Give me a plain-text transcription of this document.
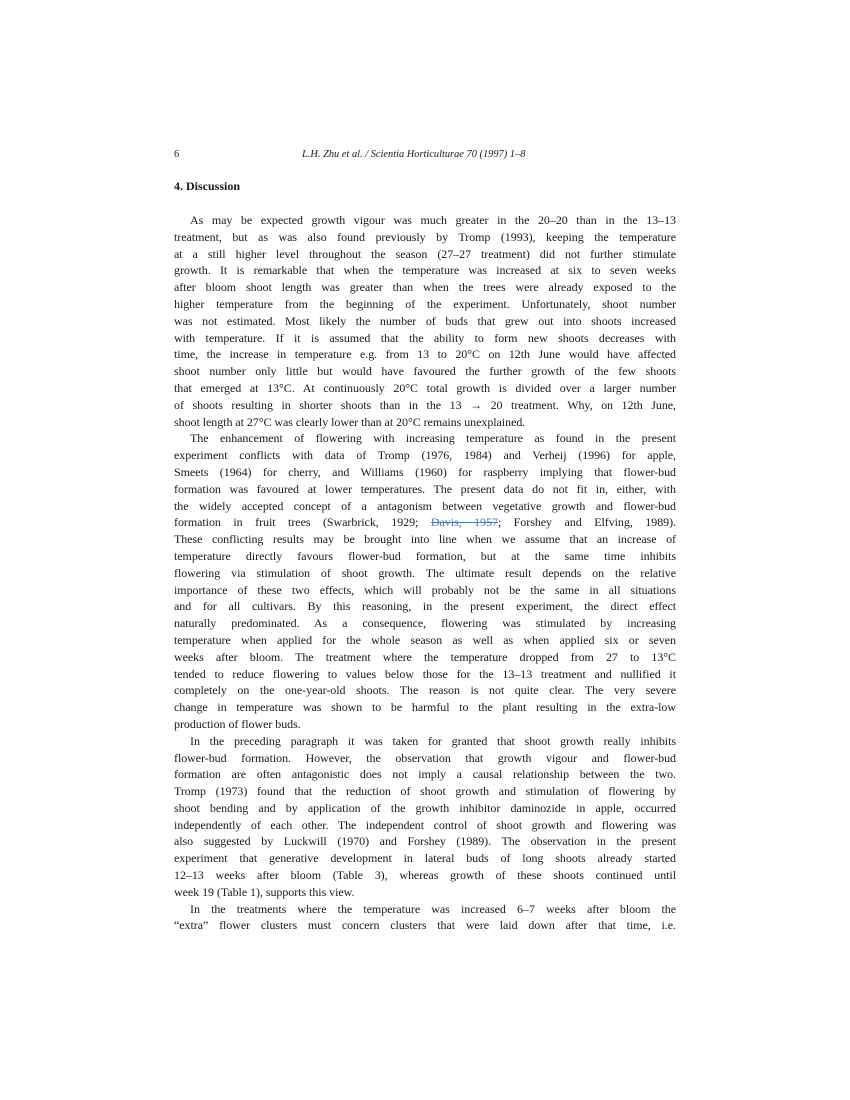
6	L.H. Zhu et al. / Scientia Horticulturae 70 (1997) 1–8
4. Discussion
As may be expected growth vigour was much greater in the 20–20 than in the 13–13
treatment, but as was also found previously by Tromp (1993), keeping the temperature
at a still higher level throughout the season (27–27 treatment) did not further stimulate
growth. It is remarkable that when the temperature was increased at six to seven weeks
after bloom shoot length was greater than when the trees were already exposed to the
higher temperature from the beginning of the experiment. Unfortunately, shoot number
was not estimated. Most likely the number of buds that grew out into shoots increased
with temperature. If it is assumed that the ability to form new shoots decreases with
time, the increase in temperature e.g. from 13 to 20°C on 12th June would have affected
shoot number only little but would have favoured the further growth of the few shoots
that emerged at 13°C. At continuously 20°C total growth is divided over a larger number
of shoots resulting in shorter shoots than in the 13 → 20 treatment. Why, on 12th June,
shoot length at 27°C was clearly lower than at 20°C remains unexplained.
The enhancement of flowering with increasing temperature as found in the present
experiment conflicts with data of Tromp (1976, 1984) and Verheij (1996) for apple,
Smeets (1964) for cherry, and Williams (1960) for raspberry implying that flower-bud
formation was favoured at lower temperatures. The present data do not fit in, either, with
the widely accepted concept of a antagonism between vegetative growth and flower-bud
formation in fruit trees (Swarbrick, 1929; Davis, 1957; Forshey and Elfving, 1989).
These conflicting results may be brought into line when we assume that an increase of
temperature directly favours flower-bud formation, but at the same time inhibits
flowering via stimulation of shoot growth. The ultimate result depends on the relative
importance of these two effects, which will probably not be the same in all situations
and for all cultivars. By this reasoning, in the present experiment, the direct effect
naturally predominated. As a consequence, flowering was stimulated by increasing
temperature when applied for the whole season as well as when applied six or seven
weeks after bloom. The treatment where the temperature dropped from 27 to 13°C
tended to reduce flowering to values below those for the 13–13 treatment and nullified it
completely on the one-year-old shoots. The reason is not quite clear. The very severe
change in temperature was shown to be harmful to the plant resulting in the extra-low
production of flower buds.
In the preceding paragraph it was taken for granted that shoot growth really inhibits
flower-bud formation. However, the observation that growth vigour and flower-bud
formation are often antagonistic does not imply a causal relationship between the two.
Tromp (1973) found that the reduction of shoot growth and stimulation of flowering by
shoot bending and by application of the growth inhibitor daminozide in apple, occurred
independently of each other. The independent control of shoot growth and flowering was
also suggested by Luckwill (1970) and Forshey (1989). The observation in the present
experiment that generative development in lateral buds of long shoots already started
12–13 weeks after bloom (Table 3), whereas growth of these shoots continued until
week 19 (Table 1), supports this view.
In the treatments where the temperature was increased 6–7 weeks after bloom the
“extra” flower clusters must concern clusters that were laid down after that time, i.e.
